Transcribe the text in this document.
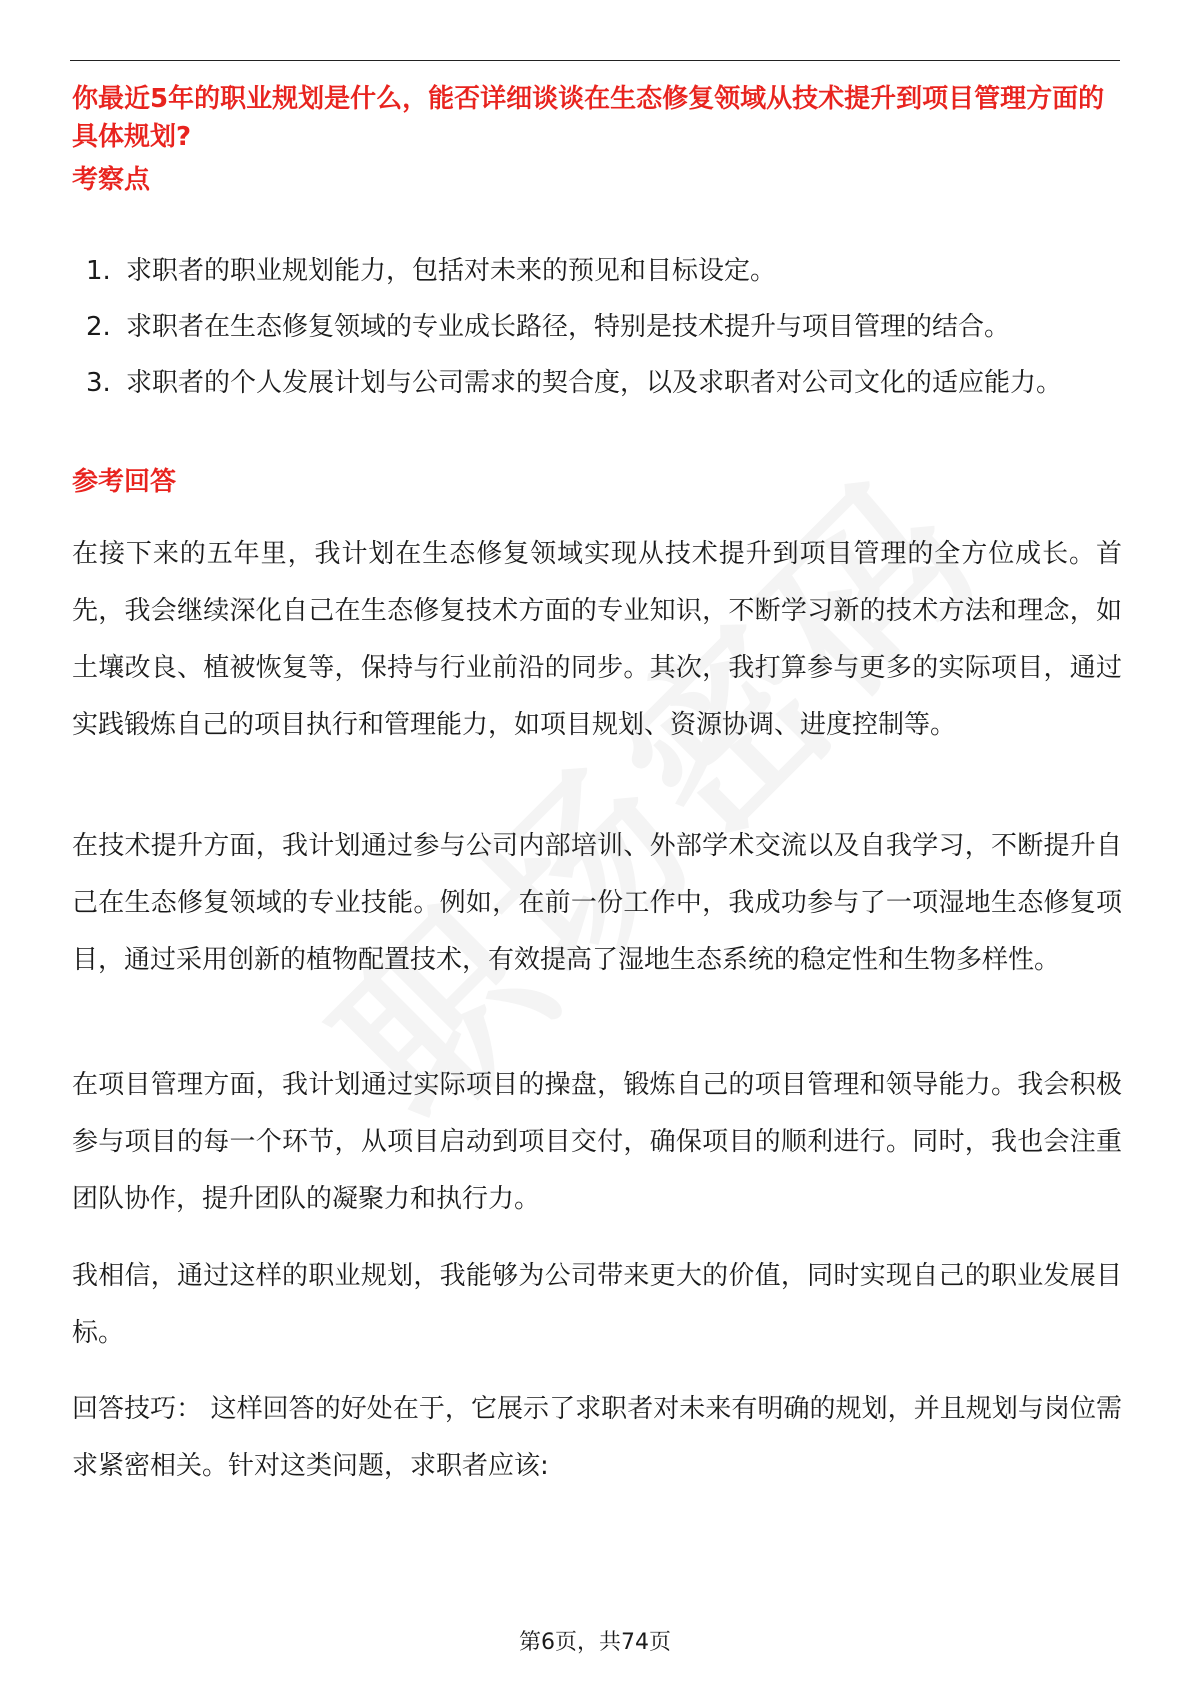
你最近5年的职业规划是什么，能否详细谈谈在生态修复领域从技术提升到项目管理方面的具体规划?
考察点
1. 求职者的职业规划能力，包括对未来的预见和目标设定。
2. 求职者在生态修复领域的专业成长路径，特别是技术提升与项目管理的结合。
3. 求职者的个人发展计划与公司需求的契合度，以及求职者对公司文化的适应能力。
参考回答

在接下来的五年里，我计划在生态修复领域实现从技术提升到项目管理的全方位成长。首先，我会继续深化自己在生态修复技术方面的专业知识，不断学习新的技术方法和理念，如土壤改良、植被恢复等，保持与行业前沿的同步。其次，我打算参与更多的实际项目，通过实践锻炼自己的项目执行和管理能力，如项目规划、资源协调、进度控制等。

在技术提升方面，我计划通过参与公司内部培训、外部学术交流以及自我学习，不断提升自己在生态修复领域的专业技能。例如，在前一份工作中，我成功参与了一项湿地生态修复项目，通过采用创新的植物配置技术，有效提高了湿地生态系统的稳定性和生物多样性。

在项目管理方面，我计划通过实际项目的操盘，锻炼自己的项目管理和领导能力。我会积极参与项目的每一个环节，从项目启动到项目交付，确保项目的顺利进行。同时，我也会注重团队协作，提升团队的凝聚力和执行力。

我相信，通过这样的职业规划，我能够为公司带来更大的价值，同时实现自己的职业发展目标。

回答技巧： 这样回答的好处在于，它展示了求职者对未来有明确的规划，并且规划与岗位需求紧密相关。针对这类问题，求职者应该:

第6页，共74页
